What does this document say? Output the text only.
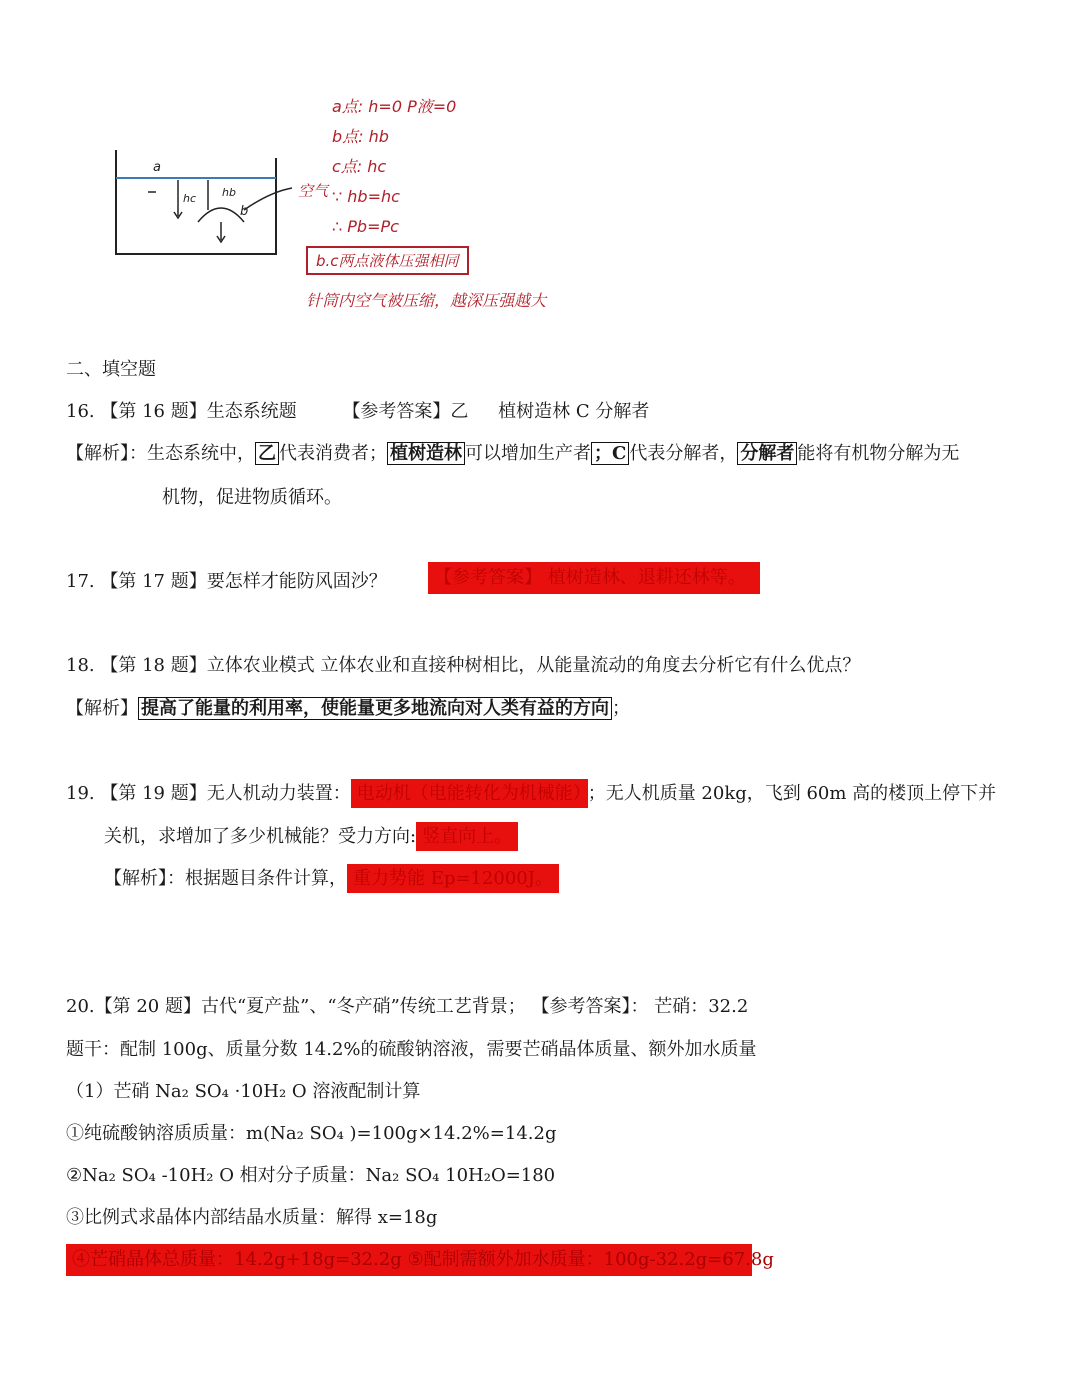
a
hc hb
b
空气
a点: h=0 P液=0
b点: hb
c点: hc
∵ hb=hc
∴ Pb=Pc
b.c两点液体压强相同
针筒内空气被压缩，越深压强越大
二、填空题
16. 【第 16 题】生态系统题	【参考答案】乙 植树造林 C 分解者
【解析】：生态系统中， 乙 代表消费者； 植树造林 可以增加生产者 ；C 代表分解者， 分解者 能将有机物分解为无
机物，促进物质循环。
17. 【第 17 题】要怎样才能防风固沙？	【参考答案】 植树造林、退耕还林等。
18. 【第 18 题】立体农业模式 立体农业和直接种树相比，从能量流动的角度去分析它有什么优点？
【解析】 提高了能量的利用率，使能量更多地流向对人类有益的方向 ；
19. 【第 19 题】无人机动力装置： 电动机（电能转化为机械能） ；无人机质量 20kg，飞到 60m 高的楼顶上停下并
关机，求增加了多少机械能？受力方向: 竖直向上。
【解析】：根据题目条件计算， 重力势能 Ep=12000J。
20.【第 20 题】古代“夏产盐”、“冬产硝”传统工艺背景； 【参考答案】： 芒硝：32.2
题干：配制 100g、质量分数 14.2%的硫酸钠溶液，需要芒硝晶体质量、额外加水质量
（1）芒硝 Na₂ SO₄ ·10H₂ O 溶液配制计算
①纯硫酸钠溶质质量：m(Na₂ SO₄ )=100g×14.2%=14.2g
②Na₂ SO₄ -10H₂ O 相对分子质量：Na₂ SO₄ 10H₂O=180
③比例式求晶体内部结晶水质量：解得 x=18g
④芒硝晶体总质量：14.2g+18g=32.2g ⑤配制需额外加水质量：100g-32.2g=67.8g
